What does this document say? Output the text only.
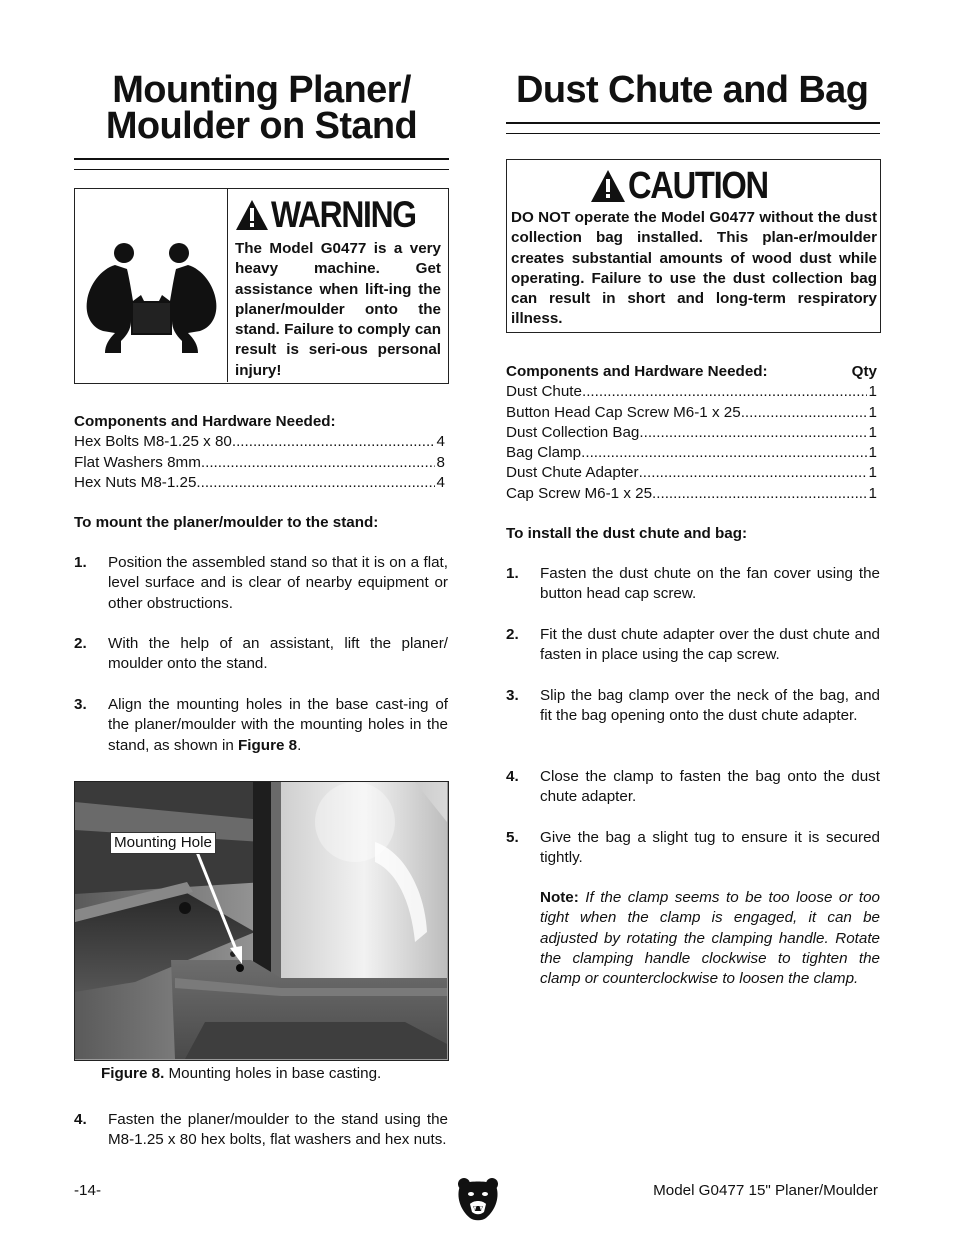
Mounting Planer/
Moulder on Stand
WARNING

The Model G0477 is a very heavy machine. Get assistance when lift-ing the planer/moulder onto the stand. Failure to comply can result is seri-ous personal injury!

Components and Hardware Needed:

Hex Bolts M8-1.25 x 80 .....	4
Flat Washers 8mm .....	8
Hex Nuts M8-1.25 .....	4

To mount the planer/moulder to the stand:

1.	Position the assembled stand so that it is on a flat, level surface and is clear of nearby equipment or other obstructions.
2.	With the help of an assistant, lift the planer/ moulder onto the stand.
3.	Align the mounting holes in the base cast-ing of the planer/moulder with the mounting holes in the stand, as shown in Figure 8.
Mounting Hole

Figure 8. Mounting holes in base casting.

4.	Fasten the planer/moulder to the stand using the M8-1.25 x 80 hex bolts, flat washers and hex nuts.
Dust Chute and Bag
CAUTION

DO NOT operate the Model G0477 without the dust collection bag installed. This plan-er/moulder creates substantial amounts of wood dust while operating. Failure to use the dust collection bag can result in short and long-term respiratory illness.

Components and Hardware Needed:	Qty
Dust Chute .....	1
Button Head Cap Screw M6-1 x 25 .....	1
Dust Collection Bag .....	1
Bag Clamp .....	1
Dust Chute Adapter .....	1
Cap Screw M6-1 x 25 .....	1

To install the dust chute and bag:

1.	Fasten the dust chute on the fan cover using the button head cap screw.
2.	Fit the dust chute adapter over the dust chute and fasten in place using the cap screw.
3.	Slip the bag clamp over the neck of the bag, and fit the bag opening onto the dust chute adapter.
4.	Close the clamp to fasten the bag onto the dust chute adapter.
5.	Give the bag a slight tug to ensure it is secured tightly.

Note: If the clamp seems to be too loose or too tight when the clamp is engaged, it can be adjusted by rotating the clamping handle. Rotate the clamping handle clockwise to tighten the clamp or counterclockwise to loosen the clamp.

-14-	Model G0477 15" Planer/Moulder
